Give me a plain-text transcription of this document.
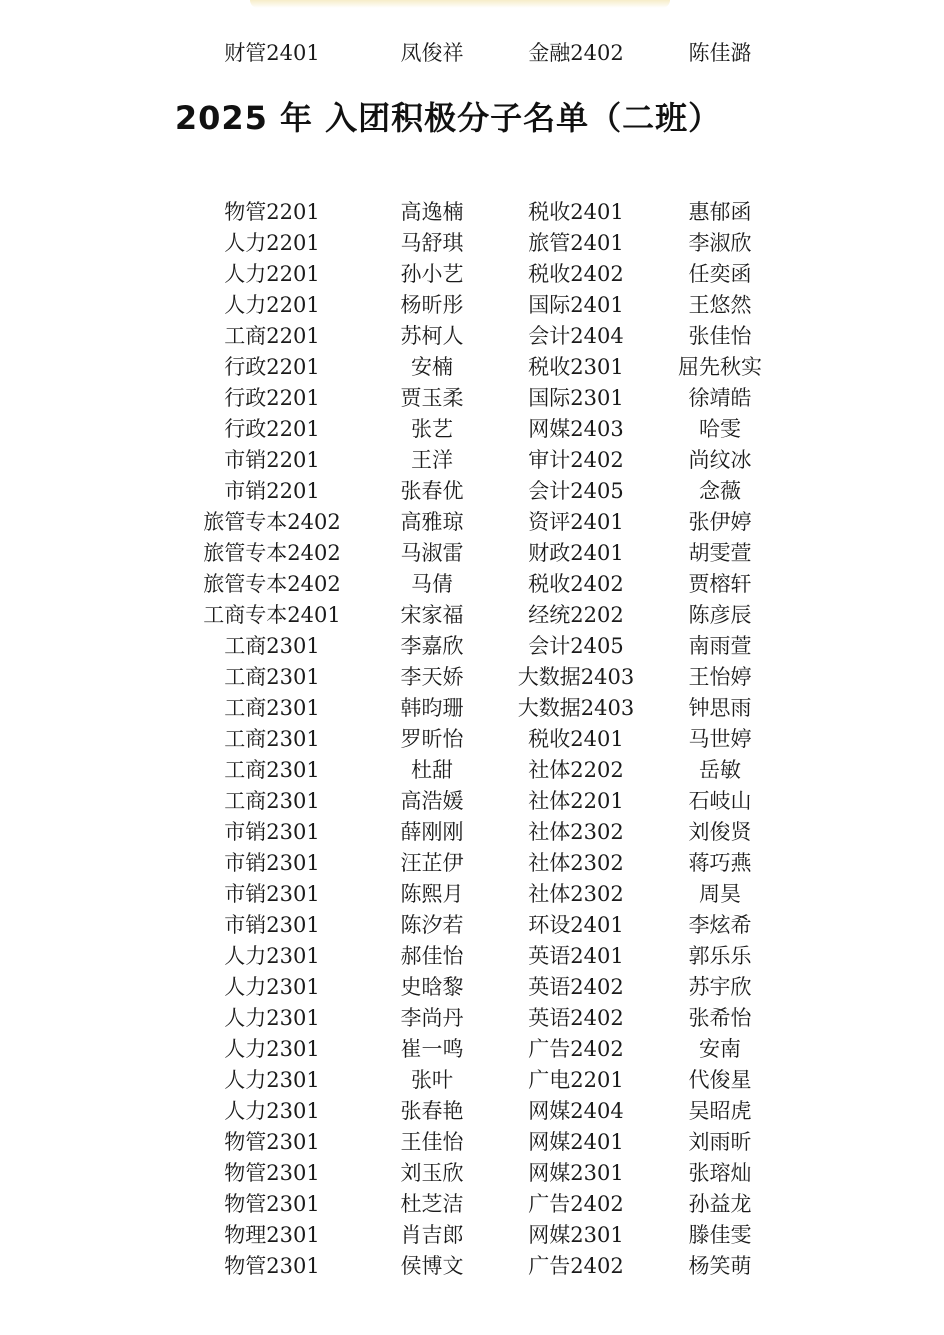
财管2401	凤俊祥	金融2402	陈佳潞
2025 年 入团积极分子名单（二班）
物管2201	高逸楠	税收2401	惠郁函
人力2201	马舒琪	旅管2401	李淑欣
人力2201	孙小艺	税收2402	任奕函
人力2201	杨昕彤	国际2401	王悠然
工商2201	苏柯人	会计2404	张佳怡
行政2201	安楠	税收2301	屈先秋实
行政2201	贾玉柔	国际2301	徐靖皓
行政2201	张艺	网媒2403	哈雯
市销2201	王洋	审计2402	尚纹冰
市销2201	张春优	会计2405	念薇
旅管专本2402	高雅琼	资评2401	张伊婷
旅管专本2402	马淑雷	财政2401	胡雯萱
旅管专本2402	马倩	税收2402	贾榕轩
工商专本2401	宋家福	经统2202	陈彦辰
工商2301	李嘉欣	会计2405	南雨萱
工商2301	李天娇	大数据2403	王怡婷
工商2301	韩昀珊	大数据2403	钟思雨
工商2301	罗昕怡	税收2401	马世婷
工商2301	杜甜	社体2202	岳敏
工商2301	高浩媛	社体2201	石岐山
市销2301	薛刚刚	社体2302	刘俊贤
市销2301	汪芷伊	社体2302	蒋巧燕
市销2301	陈熙月	社体2302	周昊
市销2301	陈汐若	环设2401	李炫希
人力2301	郝佳怡	英语2401	郭乐乐
人力2301	史晗黎	英语2402	苏宇欣
人力2301	李尚丹	英语2402	张希怡
人力2301	崔一鸣	广告2402	安南
人力2301	张叶	广电2201	代俊星
人力2301	张春艳	网媒2404	吴昭虎
物管2301	王佳怡	网媒2401	刘雨昕
物管2301	刘玉欣	网媒2301	张瑢灿
物管2301	杜芝洁	广告2402	孙益龙
物理2301	肖吉郎	网媒2301	滕佳雯
物管2301	侯博文	广告2402	杨笑萌
